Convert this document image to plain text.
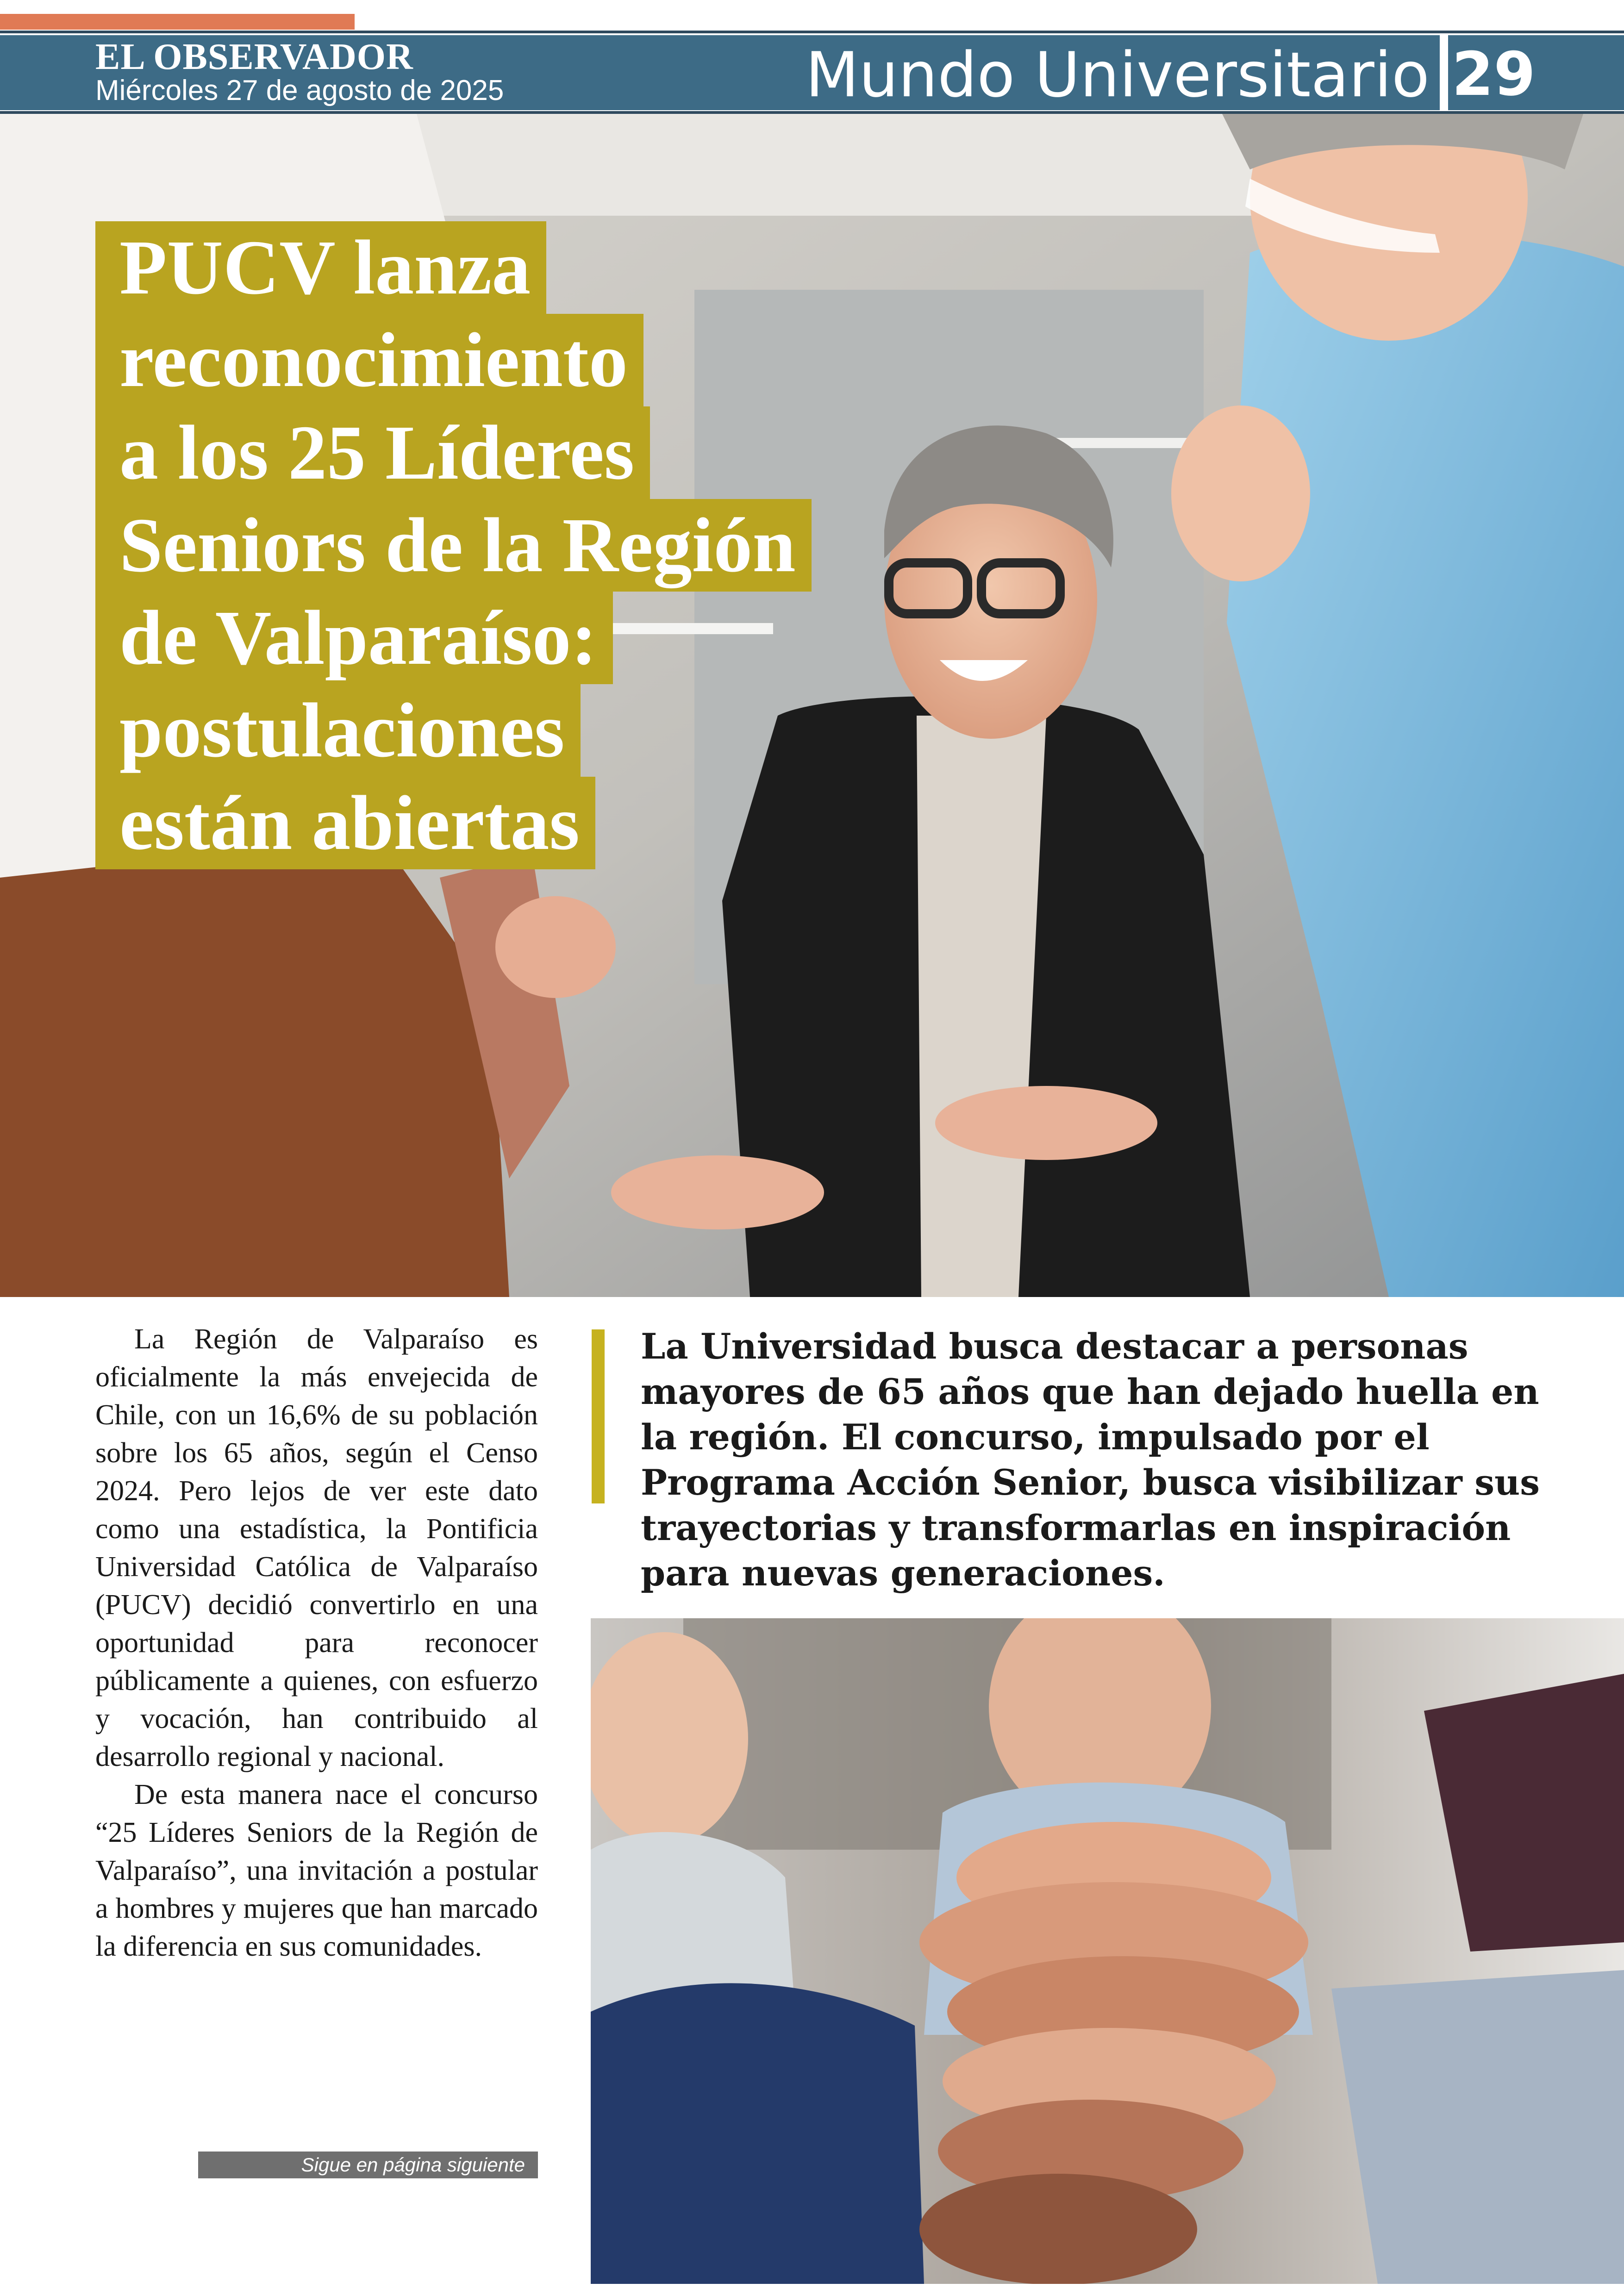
EL OBSERVADOR
Miércoles 27 de agosto de 2025	Mundo Universitario 29
PUCV lanza
reconocimiento
a los 25 Líderes
Seniors de la Región
de Valparaíso:
postulaciones
están abiertas

La Región de Valparaíso es oficialmente la más envejecida de Chile, con un 16,6% de su población sobre los 65 años, según el Censo 2024. Pero lejos de ver este dato como una estadística, la Pontificia Universidad Católica de Valparaíso (PUCV) decidió convertirlo en una oportunidad para reconocer públicamente a quienes, con esfuerzo y vocación, han contribuido al desarrollo regional y nacional.

De esta manera nace el concurso “25 Líderes Seniors de la Región de Valparaíso”, una invitación a postular a hombres y mujeres que han marcado la diferencia en sus comunidades.

Sigue en página siguiente

La Universidad busca destacar a personas mayores de 65 años que han dejado huella en la región. El concurso, impulsado por el Programa Acción Senior, busca visibilizar sus trayectorias y transformarlas en inspiración para nuevas generaciones.
